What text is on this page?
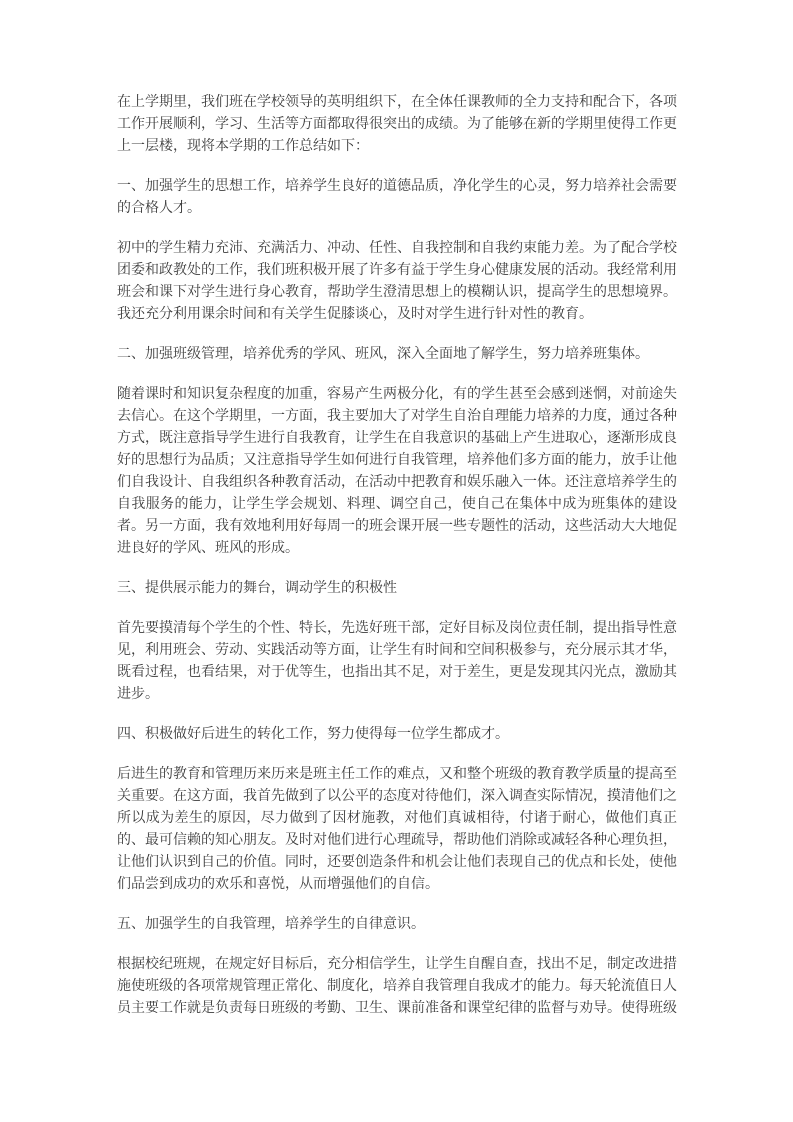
在上学期里，我们班在学校领导的英明组织下，在全体任课教师的全力支持和配合下，各项工作开展顺利，学习、生活等方面都取得很突出的成绩。为了能够在新的学期里使得工作更上一层楼，现将本学期的工作总结如下：

一、加强学生的思想工作，培养学生良好的道德品质，净化学生的心灵，努力培养社会需要的合格人才。

初中的学生精力充沛、充满活力、冲动、任性、自我控制和自我约束能力差。为了配合学校团委和政教处的工作，我们班积极开展了许多有益于学生身心健康发展的活动。我经常利用班会和课下对学生进行身心教育，帮助学生澄清思想上的模糊认识，提高学生的思想境界。我还充分利用课余时间和有关学生促膝谈心，及时对学生进行针对性的教育。

二、加强班级管理，培养优秀的学风、班风，深入全面地了解学生，努力培养班集体。

随着课时和知识复杂程度的加重，容易产生两极分化，有的学生甚至会感到迷惘，对前途失去信心。在这个学期里，一方面，我主要加大了对学生自治自理能力培养的力度，通过各种方式，既注意指导学生进行自我教育，让学生在自我意识的基础上产生进取心，逐渐形成良好的思想行为品质；又注意指导学生如何进行自我管理，培养他们多方面的能力，放手让他们自我设计、自我组织各种教育活动，在活动中把教育和娱乐融入一体。还注意培养学生的自我服务的能力，让学生学会规划、料理、调空自己，使自己在集体中成为班集体的建设者。另一方面，我有效地利用好每周一的班会课开展一些专题性的活动，这些活动大大地促进良好的学风、班风的形成。

三、提供展示能力的舞台，调动学生的积极性

首先要摸清每个学生的个性、特长，先选好班干部，定好目标及岗位责任制，提出指导性意见，利用班会、劳动、实践活动等方面，让学生有时间和空间积极参与，充分展示其才华，既看过程，也看结果，对于优等生，也指出其不足，对于差生，更是发现其闪光点，激励其进步。

四、积极做好后进生的转化工作，努力使得每一位学生都成才。

后进生的教育和管理历来历来是班主任工作的难点，又和整个班级的教育教学质量的提高至关重要。在这方面，我首先做到了以公平的态度对待他们，深入调查实际情况，摸清他们之所以成为差生的原因，尽力做到了因材施教，对他们真诚相待，付诸于耐心，做他们真正的、最可信赖的知心朋友。及时对他们进行心理疏导，帮助他们消除或减轻各种心理负担，让他们认识到自己的价值。同时，还要创造条件和机会让他们表现自己的优点和长处，使他们品尝到成功的欢乐和喜悦，从而增强他们的自信。

五、加强学生的自我管理，培养学生的自律意识。

根据校纪班规，在规定好目标后，充分相信学生，让学生自醒自查，找出不足，制定改进措施使班级的各项常规管理正常化、制度化，培养自我管理自我成才的能力。每天轮流值日人员主要工作就是负责每日班级的考勤、卫生、课前准备和课堂纪律的监督与劝导。使得班级
